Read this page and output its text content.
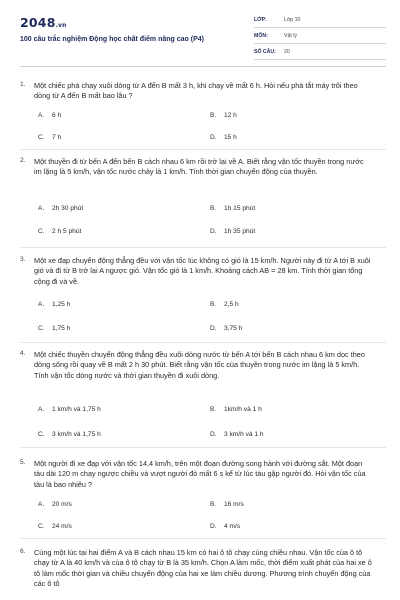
2048.vn
100 câu trắc nghiệm Động học chất điểm nâng cao (P4)
LỚP:	Lớp 10
MÔN:	Vật lý
SỐ CÂU:	20
1.	Một chiếc phà chạy xuôi dòng từ A đến B mất 3 h, khi chạy về mất 6 h. Hỏi nếu phà tắt máy trôi theo dòng từ A đến B mất bao lâu ?
A.	6 h	B.	12 h
C.	7 h	D.	15 h
2.	Một thuyền đi từ bến A đến bến B cách nhau 6 km rồi trở lại về A. Biết rằng vận tốc thuyền trong nước im lặng là 5 km/h, vận tốc nước chảy là 1 km/h. Tính thời gian chuyển động của thuyền.
A.	2h 30 phút	B.	1h 15 phút
C.	2 h 5 phút	D.	1h 35 phút
3.	Một xe đạp chuyển động thẳng đều với vận tốc lúc không có gió là 15 km/h. Người này đi từ A tới B xuôi gió và đi từ B trở lại A ngược gió. Vận tốc gió là 1 km/h. Khoảng cách AB = 28 km. Tính thời gian tổng cộng đi và về.
A.	1,25 h	B.	2,5 h
C.	1,75 h	D.	3,75 h
4.	Một chiếc thuyền chuyển động thẳng đều xuôi dòng nước từ bến A tới bến B cách nhau 6 km dọc theo dòng sông rồi quay về B mất 2 h 30 phút. Biết rằng vận tốc của thuyền trong nước im lặng là 5 km/h. Tính vận tốc dòng nước và thời gian thuyền đi xuôi dòng.
A.	1 km/h và 1,75 h	B.	1km/h và 1 h
C.	3 km/h và 1,75 h	D.	3 km/h và 1 h
5.	Một người đi xe đạp với vận tốc 14,4 km/h, trên một đoạn đường song hành với đường sắt. Một đoạn tàu dài 120 m chạy ngược chiều và vượt người đó mất 6 s kể từ lúc tàu gặp người đó. Hỏi vận tốc của tàu là bao nhiêu ?
A.	20 m/s	B.	16 m/s
C.	24 m/s	D.	4 m/s
6.	Cùng một lúc tại hai điểm A và B cách nhau 15 km có hai ô tô chạy cùng chiều nhau. Vận tốc của ô tô chạy từ A là 40 km/h và của ô tô chạy từ B là 35 km/h. Chọn A làm mốc, thời điểm xuất phát của hai xe ô tô làm mốc thời gian và chiều chuyển động của hai xe làm chiều dương. Phương trình chuyển động của các ô tô
